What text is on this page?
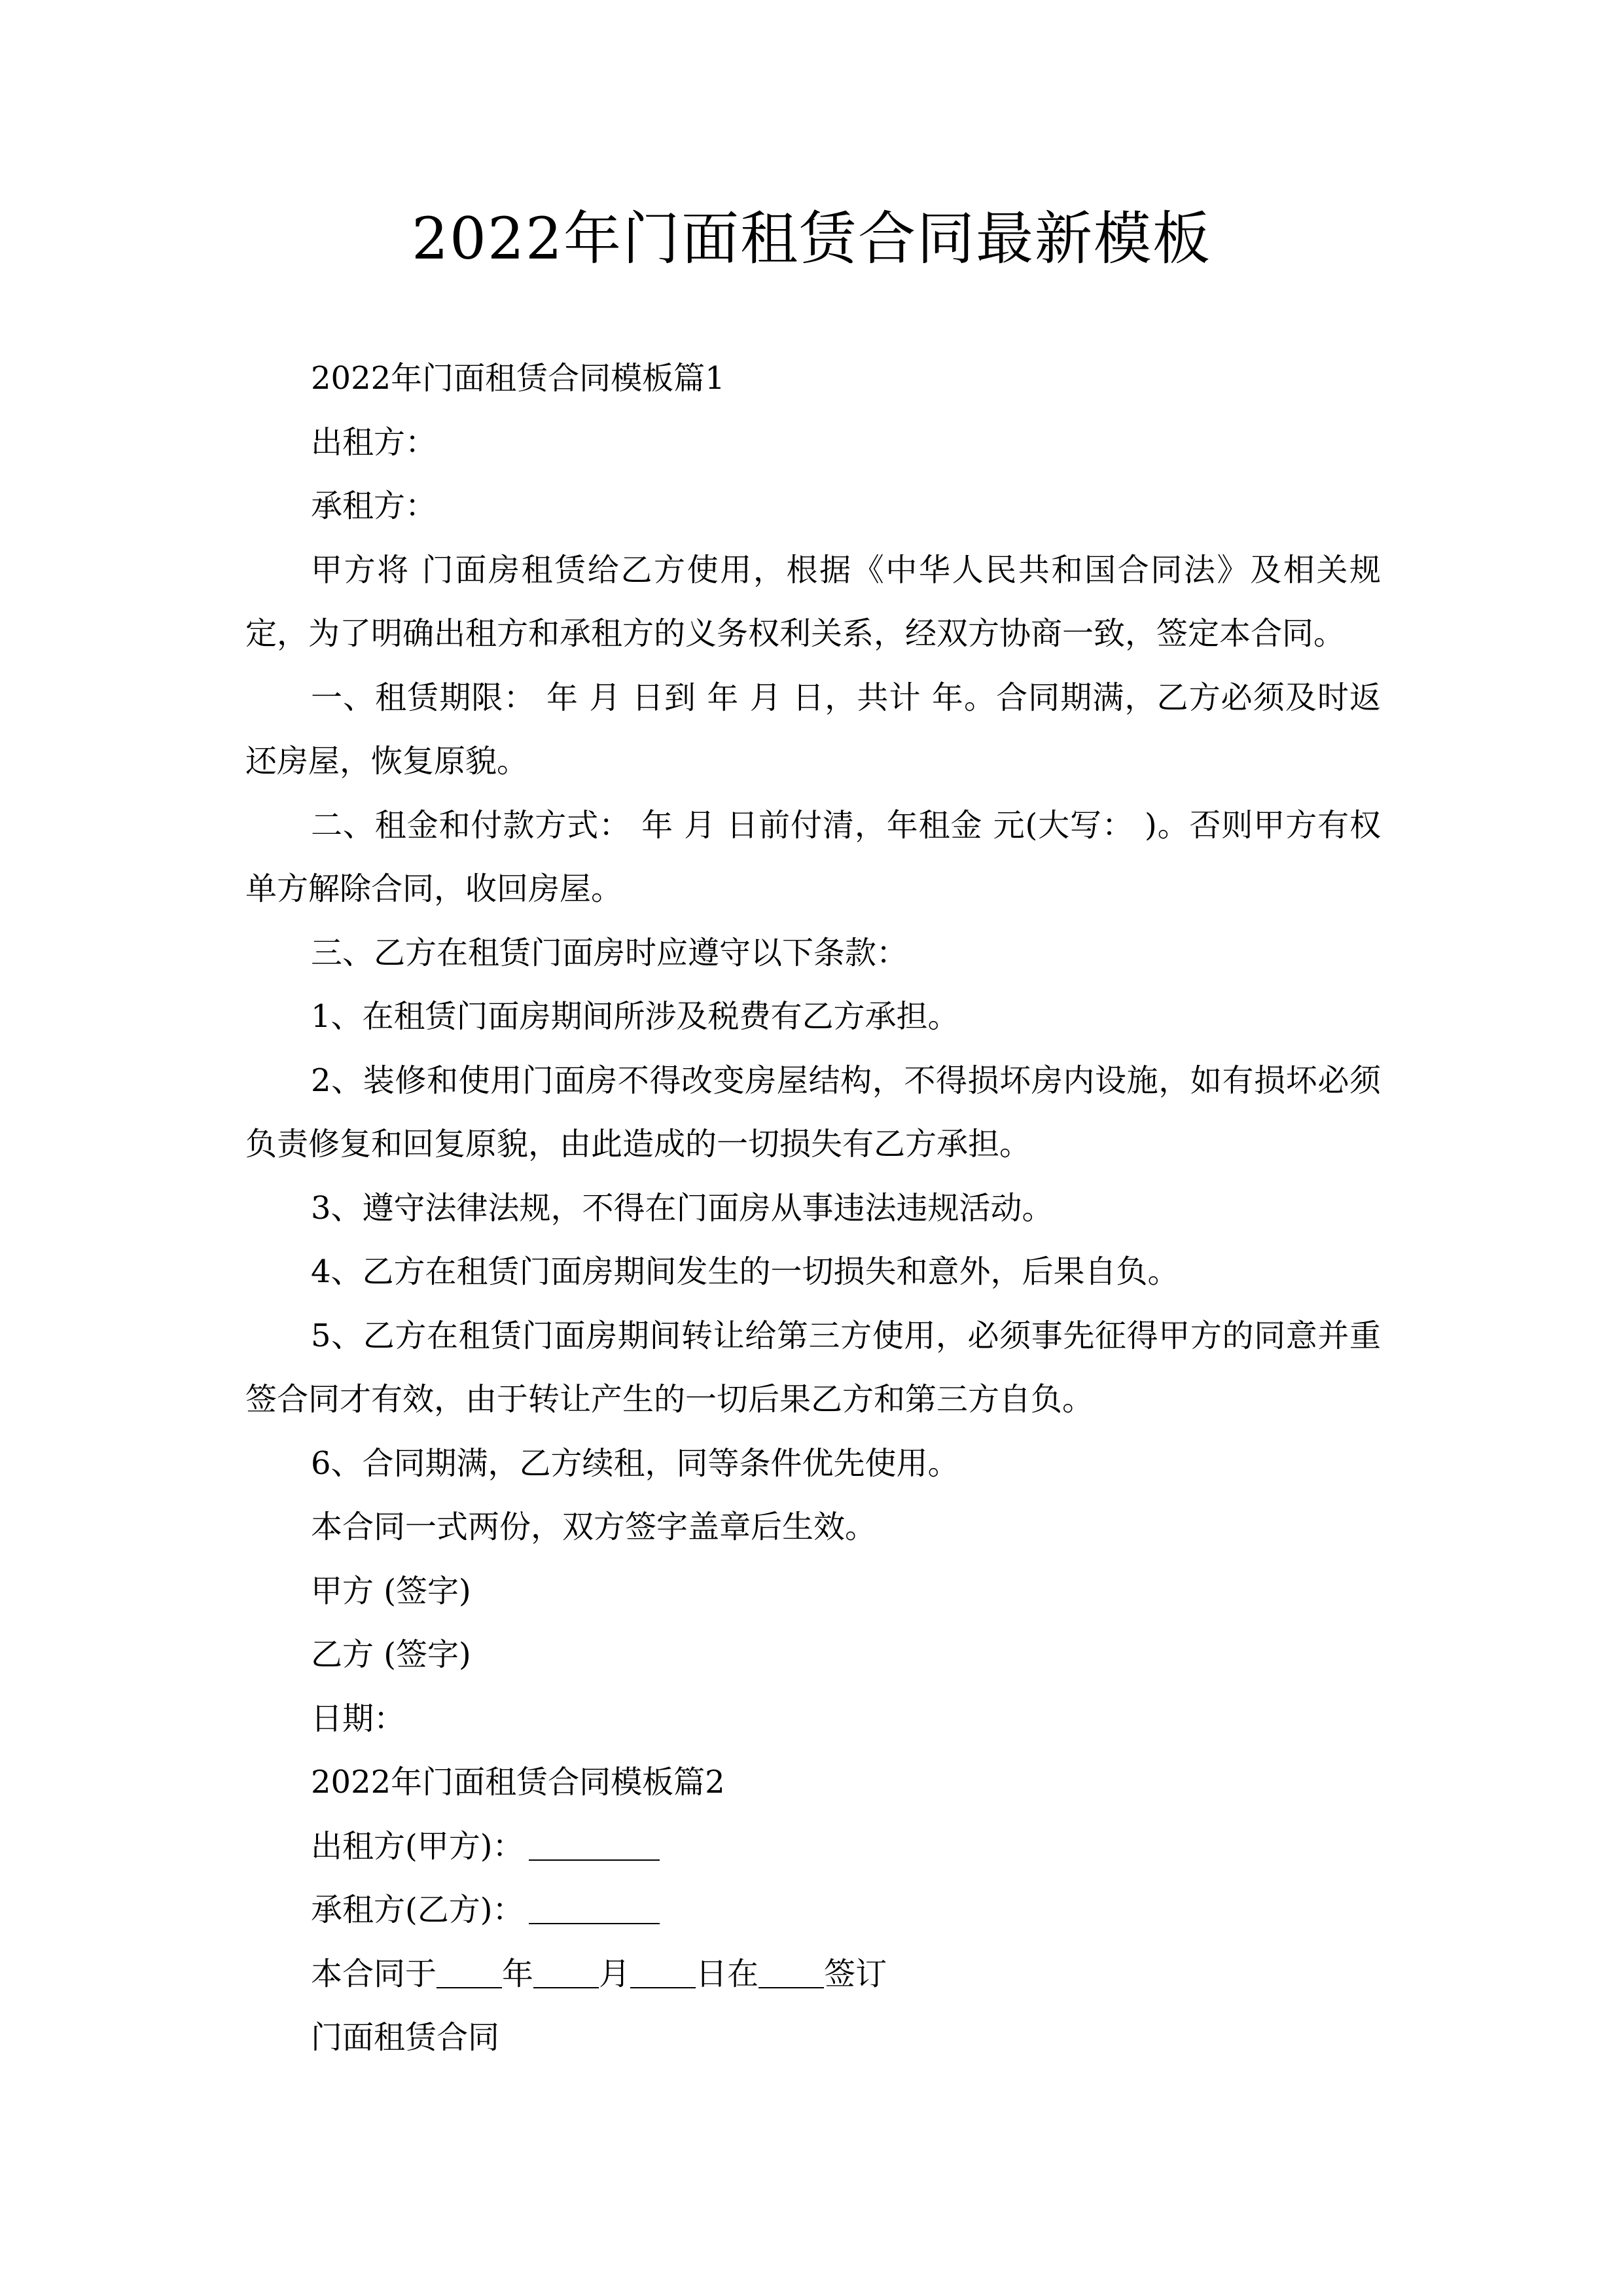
2022年门面租赁合同最新模板

2022年门面租赁合同模板篇1

出租方：

承租方：

甲方将 门面房租赁给乙方使用，根据《中华人民共和国合同法》及相关规定，为了明确出租方和承租方的义务权利关系，经双方协商一致，签定本合同。

一、租赁期限： 年 月 日到 年 月 日，共计 年。合同期满，乙方必须及时返还房屋，恢复原貌。

二、租金和付款方式： 年 月 日前付清，年租金 元(大写： )。否则甲方有权单方解除合同，收回房屋。

三、乙方在租赁门面房时应遵守以下条款：

1、在租赁门面房期间所涉及税费有乙方承担。

2、装修和使用门面房不得改变房屋结构，不得损坏房内设施，如有损坏必须负责修复和回复原貌，由此造成的一切损失有乙方承担。

3、遵守法律法规，不得在门面房从事违法违规活动。

4、乙方在租赁门面房期间发生的一切损失和意外，后果自负。

5、乙方在租赁门面房期间转让给第三方使用，必须事先征得甲方的同意并重签合同才有效，由于转让产生的一切后果乙方和第三方自负。

6、合同期满，乙方续租，同等条件优先使用。

本合同一式两份，双方签字盖章后生效。

甲方 (签字)

乙方 (签字)

日期：

2022年门面租赁合同模板篇2

出租方(甲方)：

承租方(乙方)：

本合同于 年 月 日在 签订

门面租赁合同
